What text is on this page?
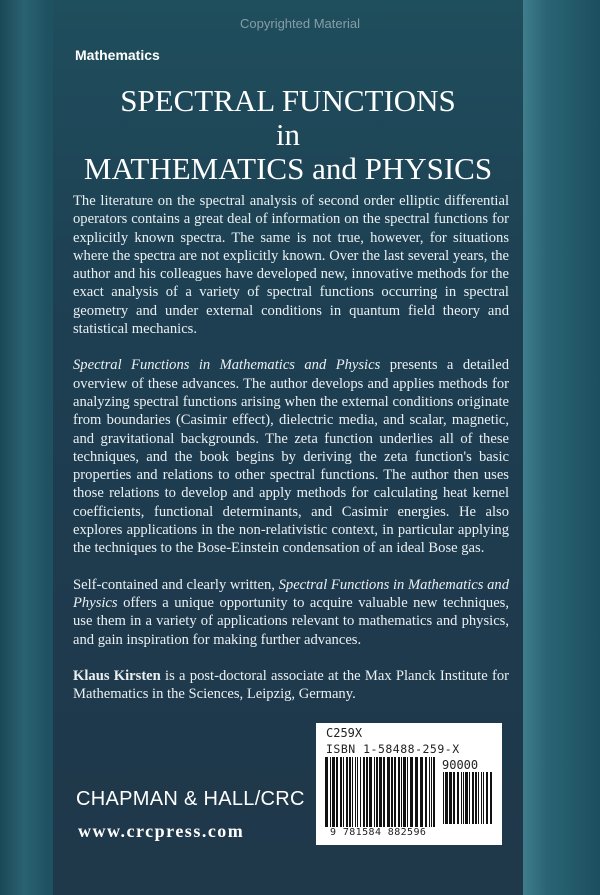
Copyrighted Material
Mathematics
SPECTRAL FUNCTIONS
in
MATHEMATICS and PHYSICS

The literature on the spectral analysis of second order elliptic differential operators contains a great deal of information on the spectral functions for explicitly known spectra. The same is not true, however, for situations where the spectra are not explicitly known. Over the last several years, the author and his colleagues have developed new, innovative methods for the exact analysis of a variety of spectral functions occurring in spectral geometry and under external conditions in quantum field theory and statistical mechanics.

Spectral Functions in Mathematics and Physics presents a detailed overview of these advances. The author develops and applies methods for analyzing spectral functions arising when the external conditions originate from boundaries (Casimir effect), dielectric media, and scalar, magnetic, and gravitational backgrounds. The zeta function underlies all of these techniques, and the book begins by deriving the zeta function's basic properties and relations to other spectral functions. The author then uses those relations to develop and apply methods for calculating heat kernel coefficients, functional determinants, and Casimir energies. He also explores applications in the non-relativistic context, in particular applying the techniques to the Bose-Einstein condensation of an ideal Bose gas.

Self-contained and clearly written, Spectral Functions in Mathematics and Physics offers a unique opportunity to acquire valuable new techniques, use them in a variety of applications relevant to mathematics and physics, and gain inspiration for making further advances.

Klaus Kirsten is a post-doctoral associate at the Max Planck Institute for Mathematics in the Sciences, Leipzig, Germany.

CHAPMAN & HALL/CRC
www.crcpress.com
C259X
ISBN 1-58488-259-X
90000
9 781584 882596
